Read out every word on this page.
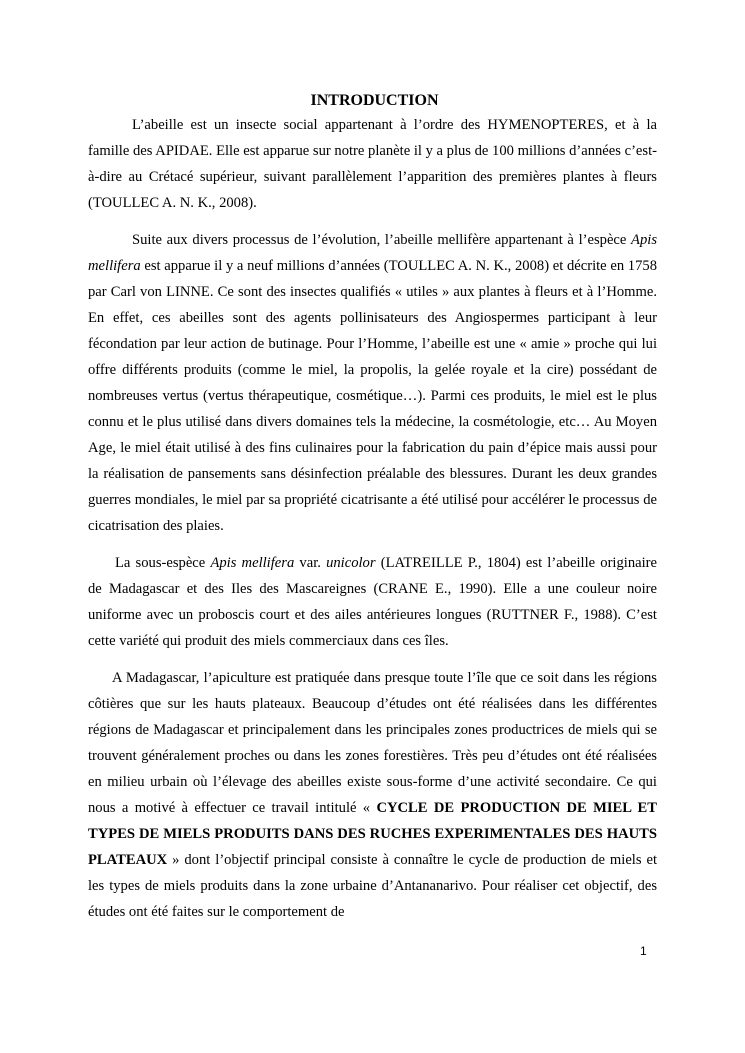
INTRODUCTION

L’abeille est un insecte social appartenant à l’ordre des HYMENOPTERES, et à la famille des APIDAE. Elle est apparue sur notre planète il y a plus de 100 millions d’années c’est-à-dire au Crétacé supérieur, suivant parallèlement l’apparition des premières plantes à fleurs (TOULLEC A. N. K., 2008).

Suite aux divers processus de l’évolution, l’abeille mellifère appartenant à l’espèce Apis mellifera est apparue il y a neuf millions d’années (TOULLEC A. N. K., 2008) et décrite en 1758 par Carl von LINNE. Ce sont des insectes qualifiés « utiles » aux plantes à fleurs et à l’Homme. En effet, ces abeilles sont des agents pollinisateurs des Angiospermes participant à leur fécondation par leur action de butinage. Pour l’Homme, l’abeille est une « amie » proche qui lui offre différents produits (comme le miel, la propolis, la gelée royale et la cire) possédant de nombreuses vertus (vertus thérapeutique, cosmétique…). Parmi ces produits, le miel est le plus connu et le plus utilisé dans divers domaines tels la médecine, la cosmétologie, etc… Au Moyen Age, le miel était utilisé à des fins culinaires pour la fabrication du pain d’épice mais aussi pour la réalisation de pansements sans désinfection préalable des blessures. Durant les deux grandes guerres mondiales, le miel par sa propriété cicatrisante a été utilisé pour accélérer le processus de cicatrisation des plaies.

La sous-espèce Apis mellifera var. unicolor (LATREILLE P., 1804) est l’abeille originaire de Madagascar et des Iles des Mascareignes (CRANE E., 1990). Elle a une couleur noire uniforme avec un proboscis court et des ailes antérieures longues (RUTTNER F., 1988). C’est cette variété qui produit des miels commerciaux dans ces îles.

A Madagascar, l’apiculture est pratiquée dans presque toute l’île que ce soit dans les régions côtières que sur les hauts plateaux. Beaucoup d’études ont été réalisées dans les différentes régions de Madagascar et principalement dans les principales zones productrices de miels qui se trouvent généralement proches ou dans les zones forestières. Très peu d’études ont été réalisées en milieu urbain où l’élevage des abeilles existe sous-forme d’une activité secondaire. Ce qui nous a motivé à effectuer ce travail intitulé « CYCLE DE PRODUCTION DE MIEL ET TYPES DE MIELS PRODUITS DANS DES RUCHES EXPERIMENTALES DES HAUTS PLATEAUX » dont l’objectif principal consiste à connaître le cycle de production de miels et les types de miels produits dans la zone urbaine d’Antananarivo. Pour réaliser cet objectif, des études ont été faites sur le comportement de

1
